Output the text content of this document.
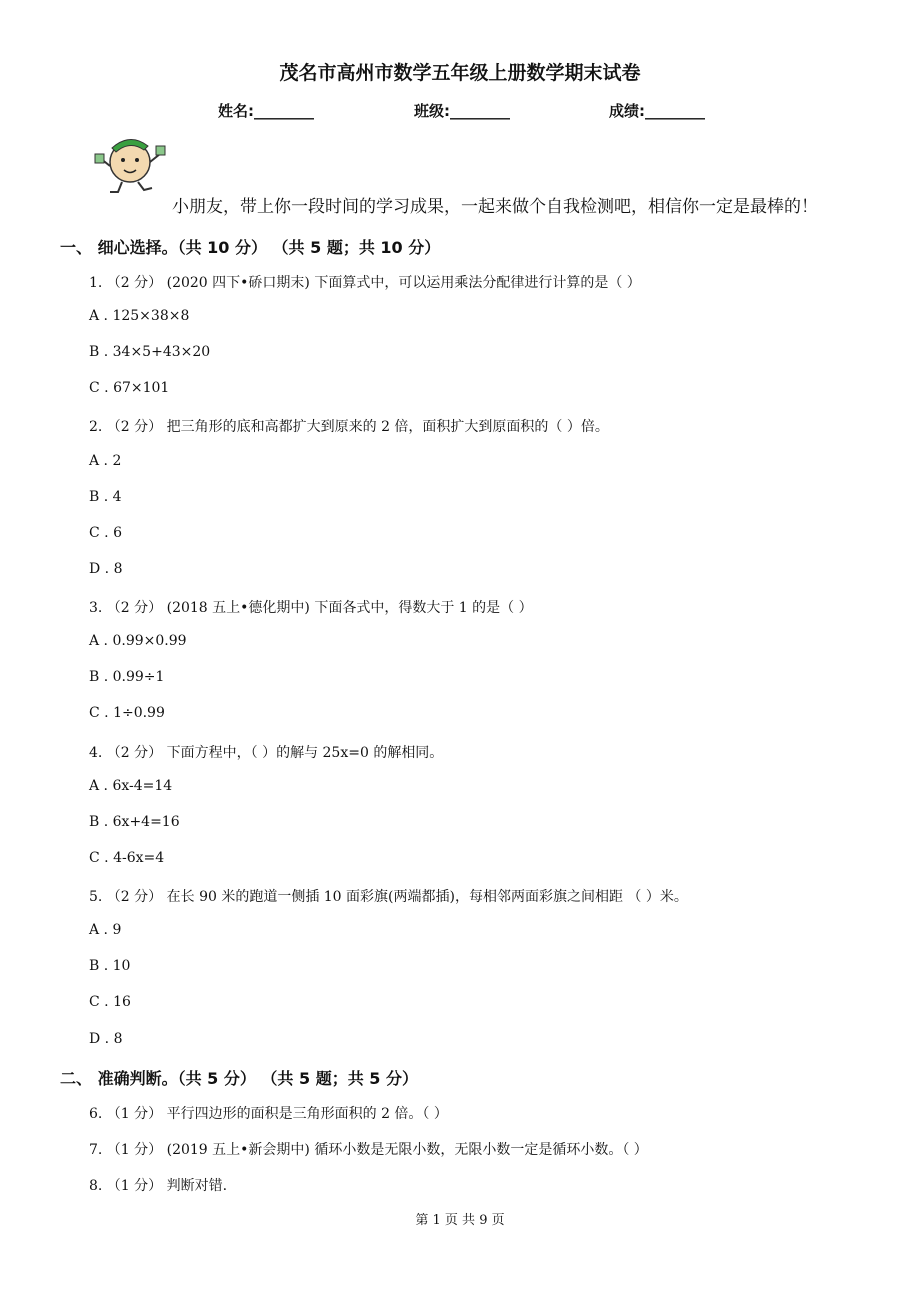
茂名市高州市数学五年级上册数学期末试卷
姓名:________	班级:________	成绩:________
小朋友，带上你一段时间的学习成果，一起来做个自我检测吧，相信你一定是最棒的！
一、 细心选择。（共 10 分） （共 5 题；共 10 分）
1. （2 分） (2020 四下•硚口期末) 下面算式中，可以运用乘法分配律进行计算的是（ ）
A . 125×38×8
B . 34×5+43×20
C . 67×101
2. （2 分） 把三角形的底和高都扩大到原来的 2 倍，面积扩大到原面积的（ ）倍。
A . 2
B . 4
C . 6
D . 8
3. （2 分） (2018 五上•德化期中) 下面各式中，得数大于 1 的是（ ）
A . 0.99×0.99
B . 0.99÷1
C . 1÷0.99
4. （2 分） 下面方程中，（ ）的解与 25x=0 的解相同。
A . 6x-4=14
B . 6x+4=16
C . 4-6x=4
5. （2 分） 在长 90 米的跑道一侧插 10 面彩旗(两端都插)，每相邻两面彩旗之间相距 （ ）米。
A . 9
B . 10
C . 16
D . 8
二、 准确判断。（共 5 分） （共 5 题；共 5 分）
6. （1 分） 平行四边形的面积是三角形面积的 2 倍。（ ）
7. （1 分） (2019 五上•新会期中) 循环小数是无限小数，无限小数一定是循环小数。（ ）
8. （1 分） 判断对错.
第 1 页 共 9 页
